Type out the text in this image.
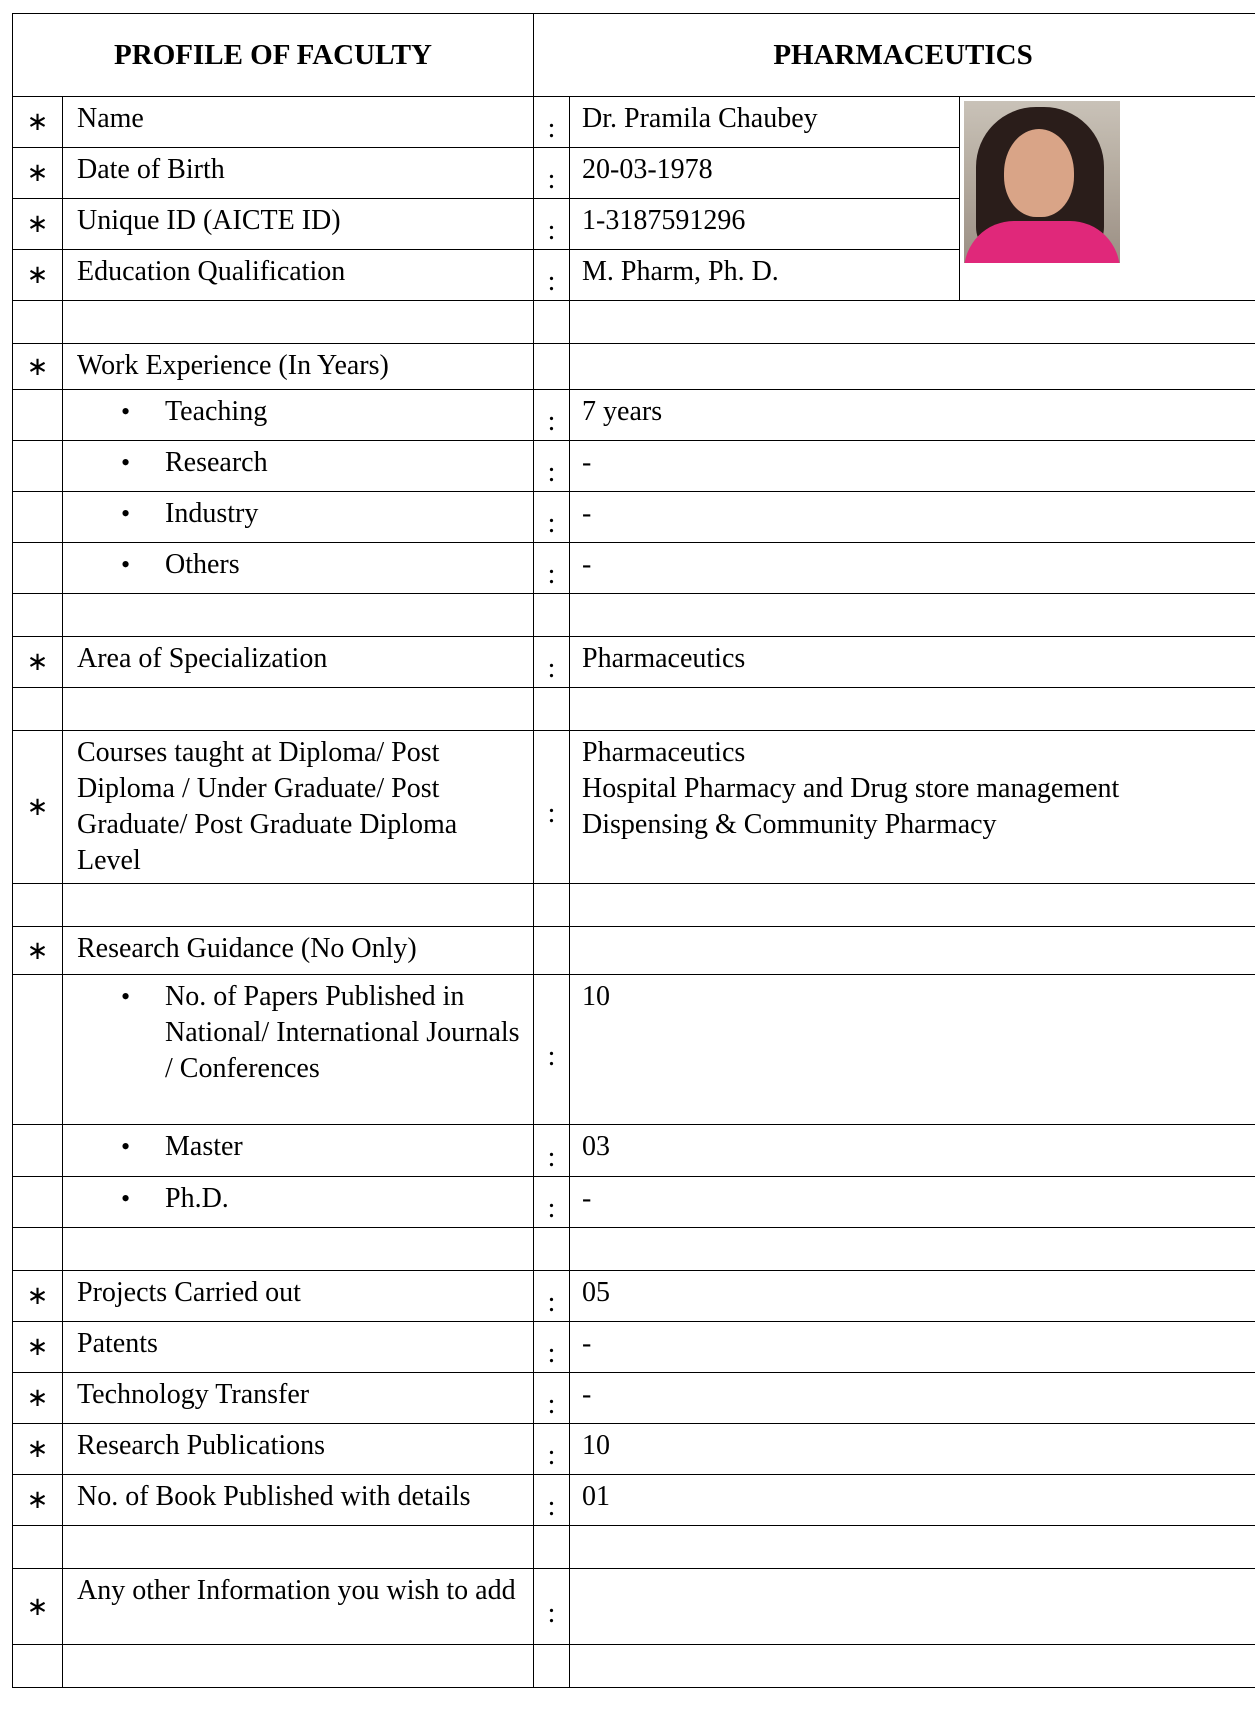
PROFILE OF FACULTY		PHARMACEUTICS		
∗	Name	:	Dr. Pramila Chaubey	

∗	Date of Birth	:	20-03-1978	
∗	Unique ID (AICTE ID)	:	1-3187591296	
∗	Education Qualification	:	M. Pharm, Ph. D.	

∗	Work Experience (In Years)			

	• Teaching	:	7 years	

	• Research	:	-	

	• Industry	:	-	

	• Others	:	-	

∗	Area of Specialization	:	Pharmaceutics	

∗	Courses taught at Diploma/ Post Diploma / Under Graduate/ Post Graduate/ Post Graduate Diploma Level	:	Pharmaceutics
Hospital Pharmacy and Drug store management
Dispensing & Community Pharmacy	

∗	Research Guidance (No Only)			

	• No. of Papers Published in National/ International Journals / Conferences	:	10	

	• Master	:	03	

	• Ph.D.	:	-	

∗	Projects Carried out	:	05	
∗	Patents	:	-	
∗	Technology Transfer	:	-	
∗	Research Publications	:	10	
∗	No. of Book Published with details	:	01	

∗	Any other Information you wish to add	:		
